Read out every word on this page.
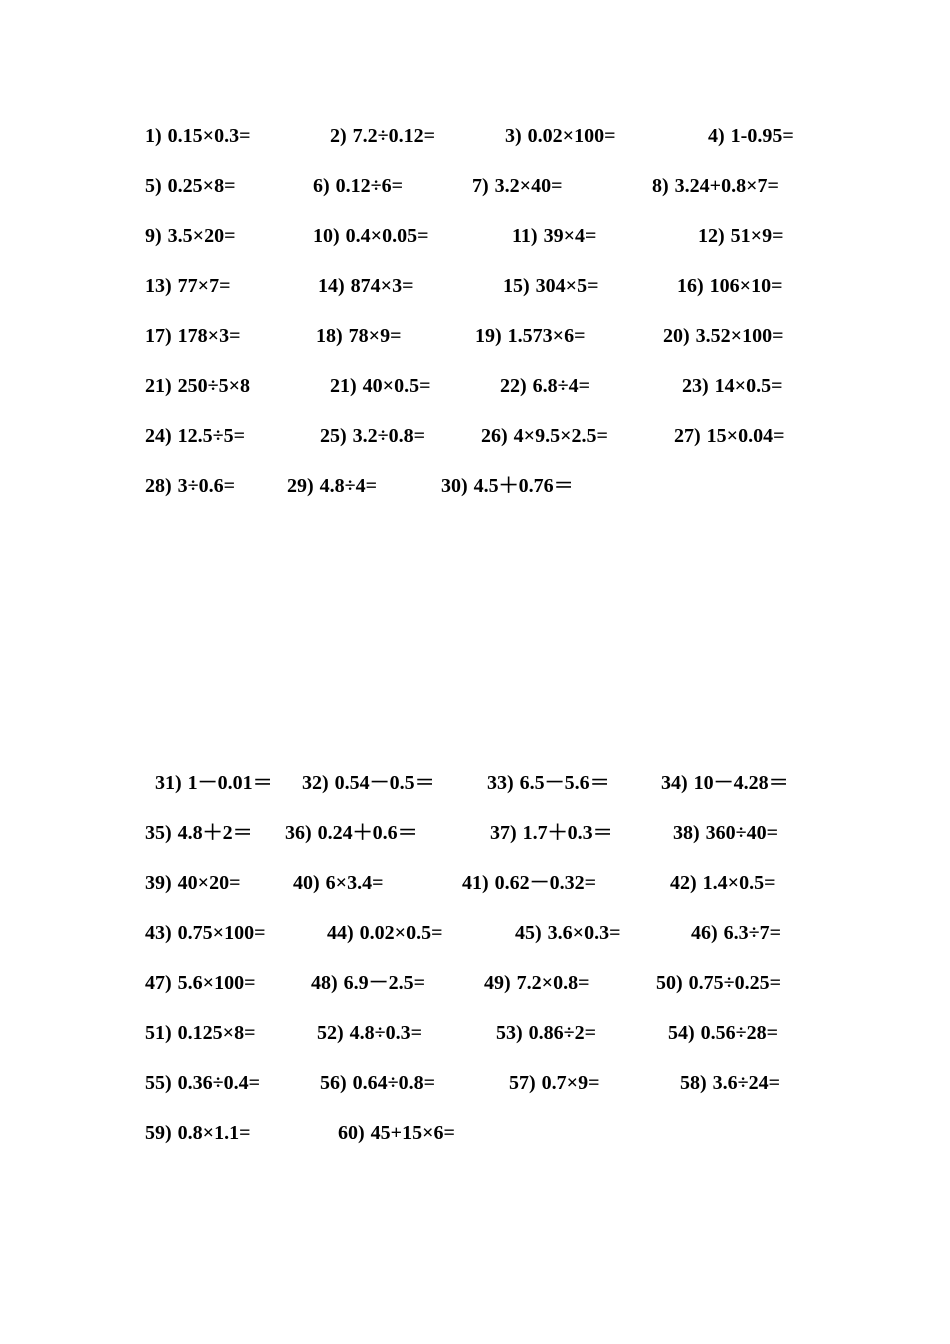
1) 0.15×0.3=	2) 7.2÷0.12=	3) 0.02×100=	4) 1-0.95=
5) 0.25×8=	6) 0.12÷6=	7) 3.2×40=	8) 3.24+0.8×7=
9) 3.5×20=	10) 0.4×0.05=	11) 39×4=	12) 51×9=
13) 77×7=	14) 874×3=	15) 304×5=	16) 106×10=
17) 178×3=	18) 78×9=	19) 1.573×6=	20) 3.52×100=
21) 250÷5×8	21) 40×0.5=	22) 6.8÷4=	23) 14×0.5=
24) 12.5÷5=	25) 3.2÷0.8=	26) 4×9.5×2.5=	27) 15×0.04=
28) 3÷0.6=	29) 4.8÷4=	30) 4.5＋0.76＝
31) 1－0.01＝ 32) 0.54－0.5＝	33) 6.5－5.6＝	34) 10－4.28＝
35) 4.8＋2＝ 36) 0.24＋0.6＝	37) 1.7＋0.3＝	38) 360÷40=
39) 40×20=	40) 6×3.4=	41) 0.62－0.32=	42) 1.4×0.5=
43) 0.75×100=	44) 0.02×0.5=	45) 3.6×0.3=	46) 6.3÷7=
47) 5.6×100=	48) 6.9－2.5=	49) 7.2×0.8=	50) 0.75÷0.25=
51) 0.125×8=	52) 4.8÷0.3=	53) 0.86÷2=	54) 0.56÷28=
55) 0.36÷0.4=	56) 0.64÷0.8=	57) 0.7×9=	58) 3.6÷24=
59) 0.8×1.1=	60) 45+15×6=
